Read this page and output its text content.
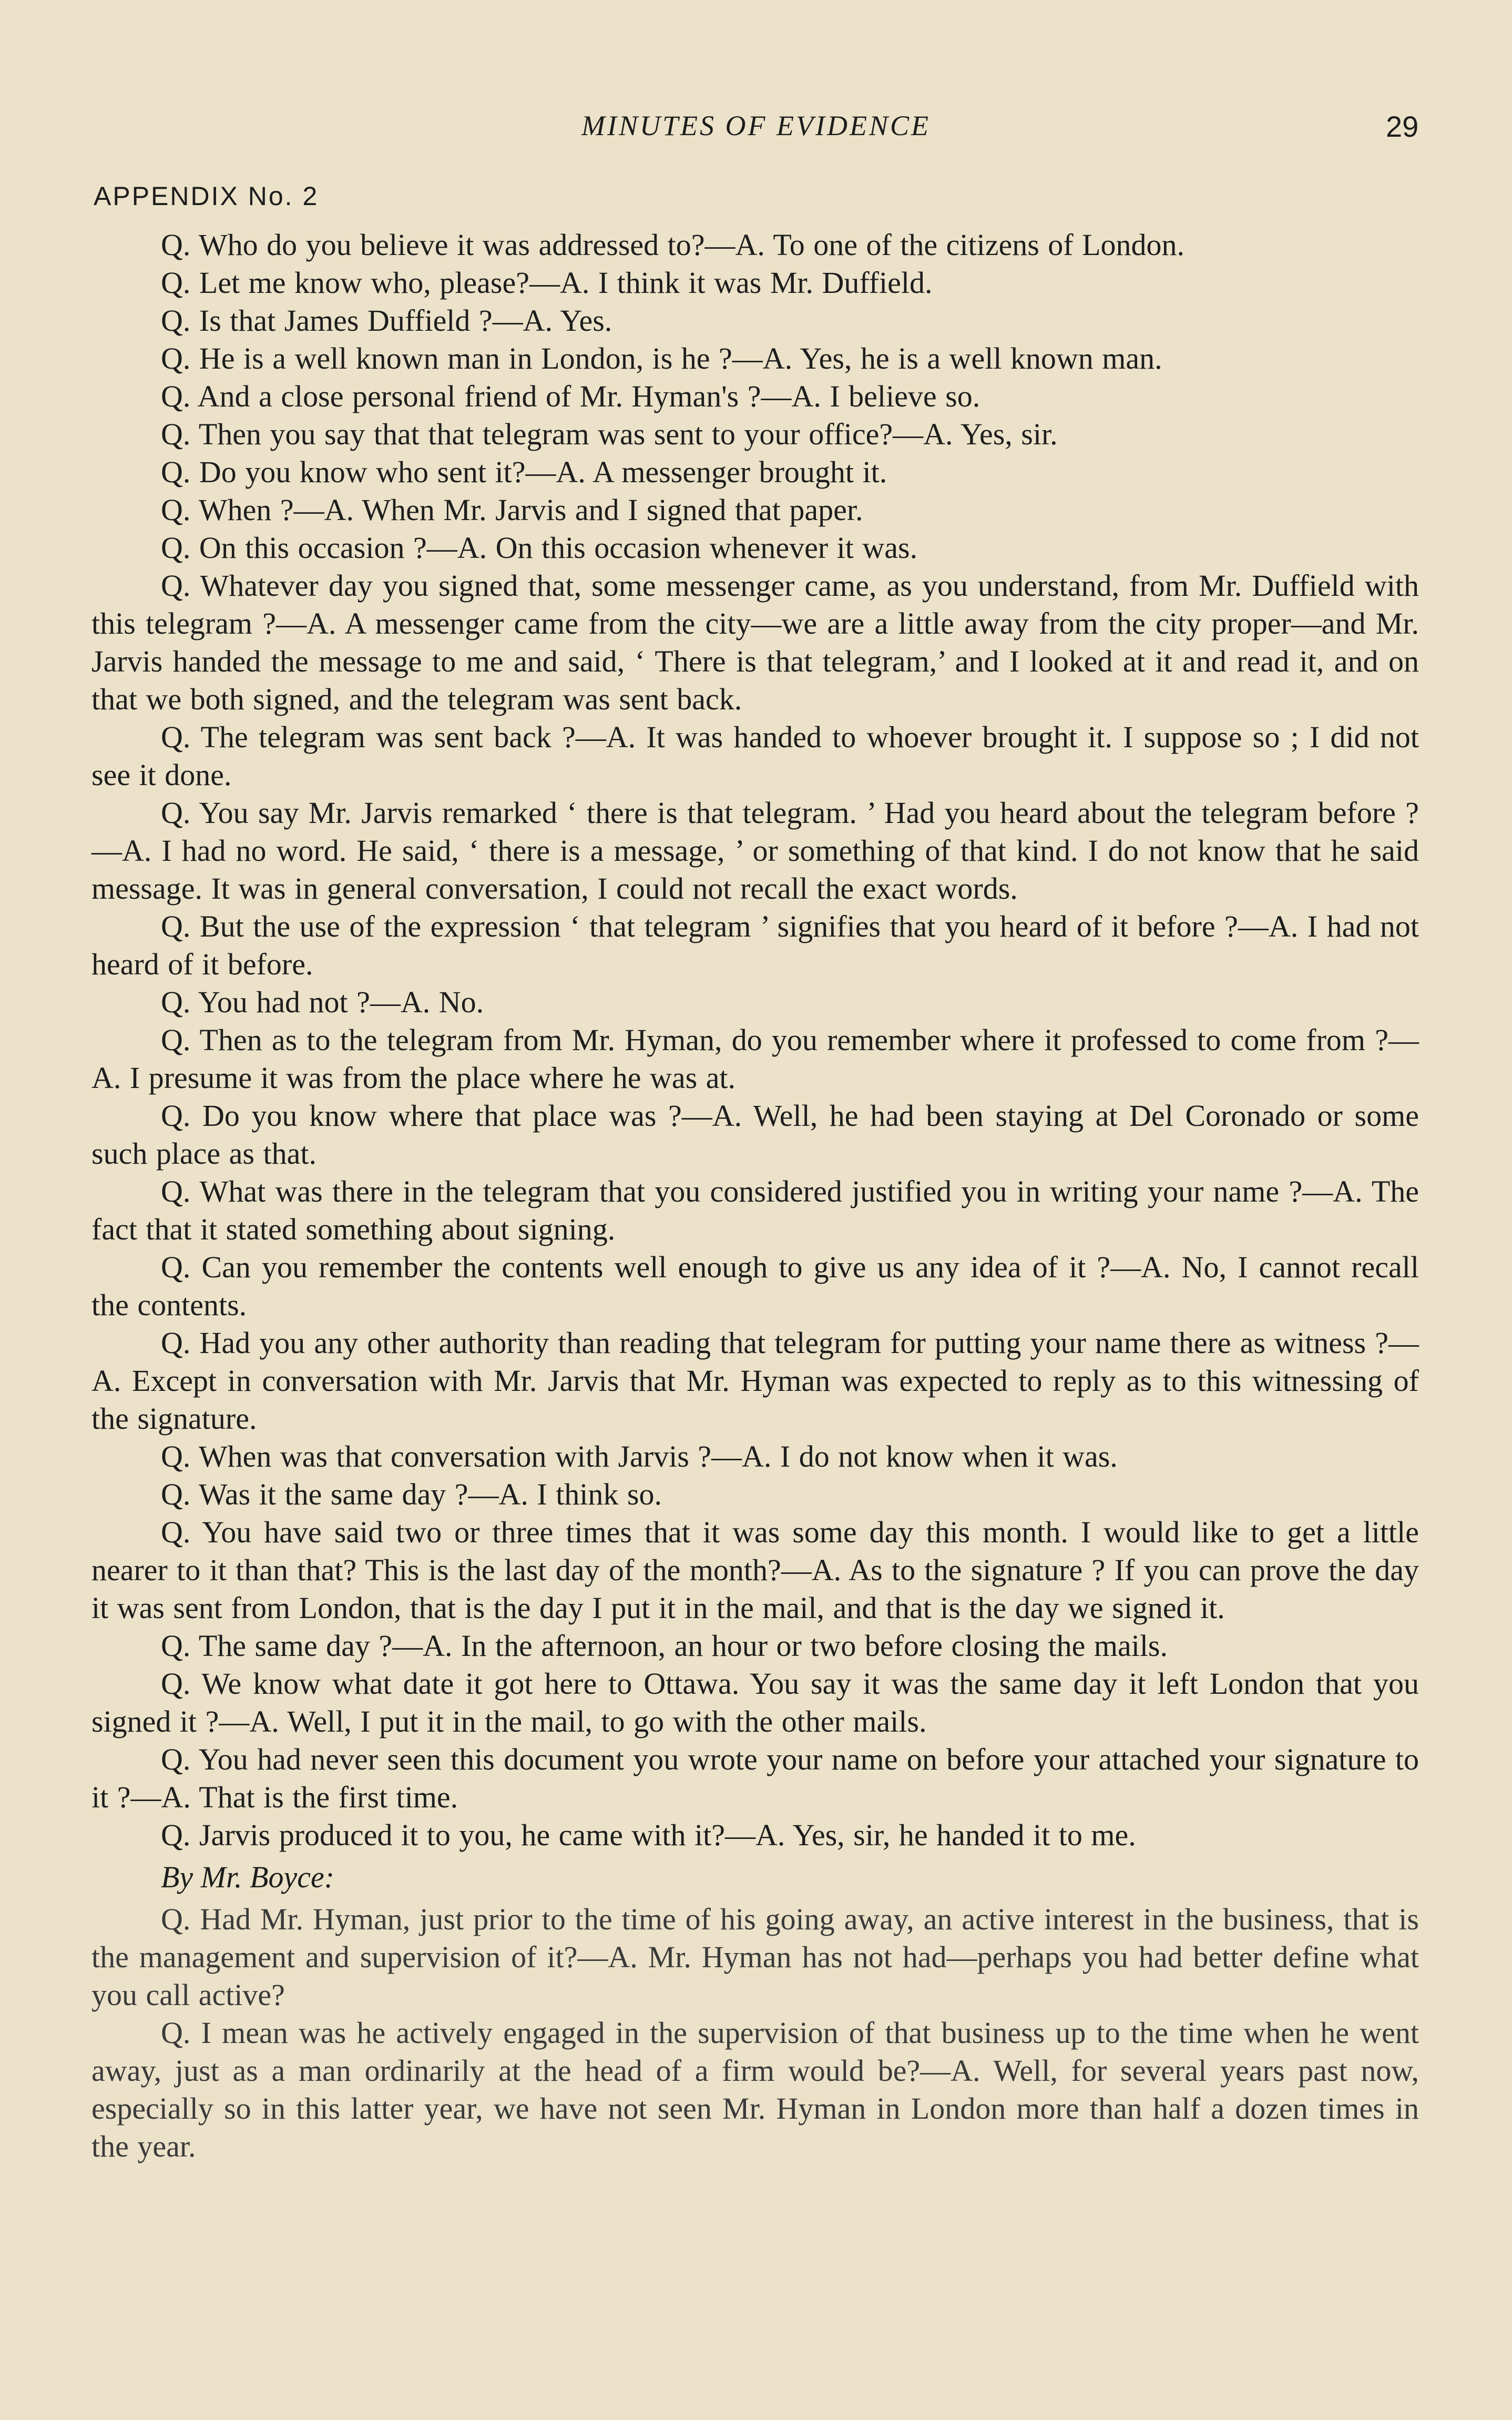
MINUTES OF EVIDENCE	29
APPENDIX No. 2

Q. Who do you believe it was addressed to?—A. To one of the citizens of London.

Q. Let me know who, please?—A. I think it was Mr. Duffield.

Q. Is that James Duffield ?—A. Yes.

Q. He is a well known man in London, is he ?—A. Yes, he is a well known man.

Q. And a close personal friend of Mr. Hyman's ?—A. I believe so.

Q. Then you say that that telegram was sent to your office?—A. Yes, sir.

Q. Do you know who sent it?—A. A messenger brought it.

Q. When ?—A. When Mr. Jarvis and I signed that paper.

Q. On this occasion ?—A. On this occasion whenever it was.

Q. Whatever day you signed that, some messenger came, as you understand, from Mr. Duffield with this telegram ?—A. A messenger came from the city—we are a little away from the city proper—and Mr. Jarvis handed the message to me and said, ‘ There is that telegram,’ and I looked at it and read it, and on that we both signed, and the telegram was sent back.

Q. The telegram was sent back ?—A. It was handed to whoever brought it. I suppose so ; I did not see it done.

Q. You say Mr. Jarvis remarked ‘ there is that telegram. ’ Had you heard about the telegram before ?—A. I had no word. He said, ‘ there is a message, ’ or something of that kind. I do not know that he said message. It was in general conversation, I could not recall the exact words.

Q. But the use of the expression ‘ that telegram ’ signifies that you heard of it before ?—A. I had not heard of it before.

Q. You had not ?—A. No.

Q. Then as to the telegram from Mr. Hyman, do you remember where it professed to come from ?—A. I presume it was from the place where he was at.

Q. Do you know where that place was ?—A. Well, he had been staying at Del Coronado or some such place as that.

Q. What was there in the telegram that you considered justified you in writing your name ?—A. The fact that it stated something about signing.

Q. Can you remember the contents well enough to give us any idea of it ?—A. No, I cannot recall the contents.

Q. Had you any other authority than reading that telegram for putting your name there as witness ?—A. Except in conversation with Mr. Jarvis that Mr. Hyman was expected to reply as to this witnessing of the signature.

Q. When was that conversation with Jarvis ?—A. I do not know when it was.

Q. Was it the same day ?—A. I think so.

Q. You have said two or three times that it was some day this month. I would like to get a little nearer to it than that? This is the last day of the month?—A. As to the signature ? If you can prove the day it was sent from London, that is the day I put it in the mail, and that is the day we signed it.

Q. The same day ?—A. In the afternoon, an hour or two before closing the mails.

Q. We know what date it got here to Ottawa. You say it was the same day it left London that you signed it ?—A. Well, I put it in the mail, to go with the other mails.

Q. You had never seen this document you wrote your name on before your attached your signature to it ?—A. That is the first time.

Q. Jarvis produced it to you, he came with it?—A. Yes, sir, he handed it to me.

By Mr. Boyce:

Q. Had Mr. Hyman, just prior to the time of his going away, an active interest in the business, that is the management and supervision of it?—A. Mr. Hyman has not had—perhaps you had better define what you call active?

Q. I mean was he actively engaged in the supervision of that business up to the time when he went away, just as a man ordinarily at the head of a firm would be?—A. Well, for several years past now, especially so in this latter year, we have not seen Mr. Hyman in London more than half a dozen times in the year.
